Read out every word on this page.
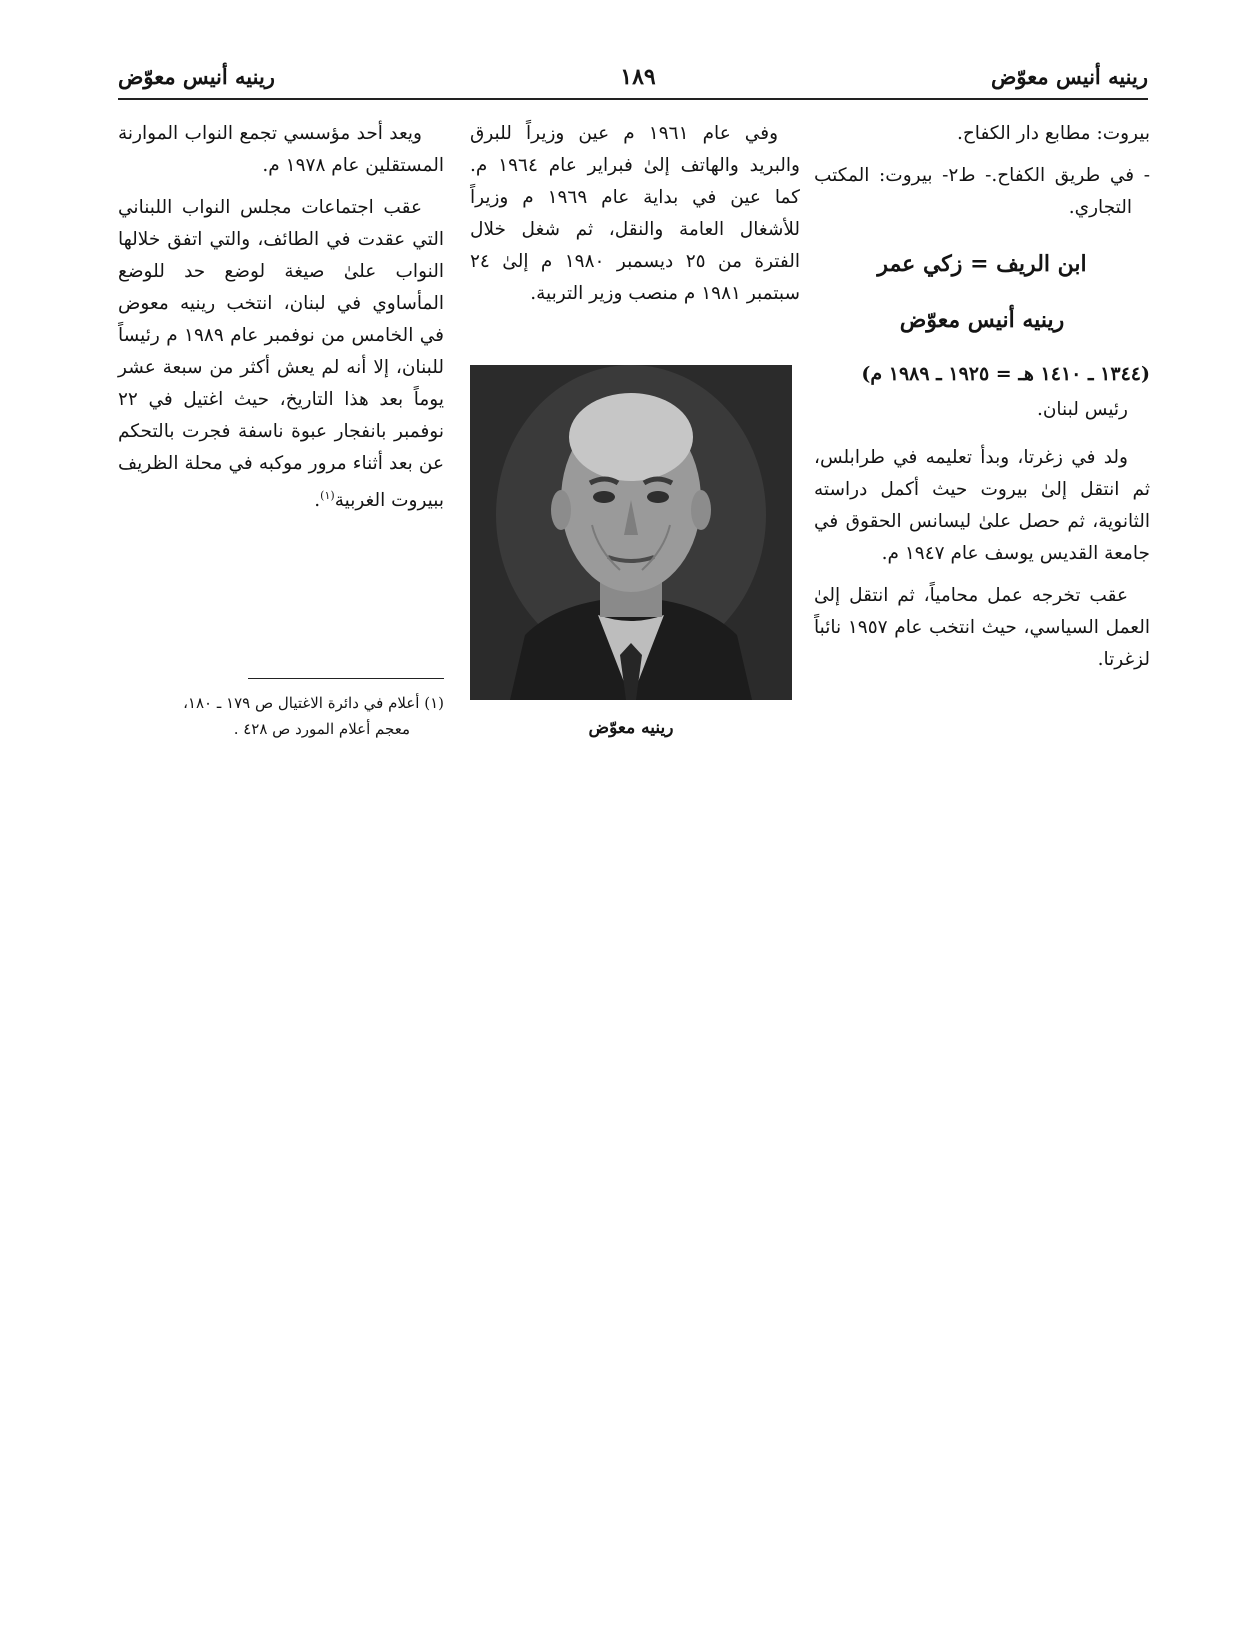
رينيه أنيس معوّض
١٨٩
رينيه أنيس معوّض

بيروت: مطابع دار الكفاح.

- في طريق الكفاح.- ط٢- بيروت: المكتب التجاري.

ابن الريف = زكي عمر
رينيه أنيس معوّض
(١٣٤٤ ـ ١٤١٠ هـ = ١٩٢٥ ـ ١٩٨٩ م)

رئيس لبنان.

ولد في زغرتا، وبدأ تعليمه في طرابلس، ثم انتقل إلىٰ بيروت حيث أكمل دراسته الثانوية، ثم حصل علىٰ ليسانس الحقوق في جامعة القديس يوسف عام ١٩٤٧ م.

عقب تخرجه عمل محامياً، ثم انتقل إلىٰ العمل السياسي، حيث انتخب عام ١٩٥٧ نائباً لزغرتا.

وفي عام ١٩٦١ م عين وزيراً للبرق والبريد والهاتف إلىٰ فبراير عام ١٩٦٤ م. كما عين في بداية عام ١٩٦٩ م وزيراً للأشغال العامة والنقل، ثم شغل خلال الفترة من ٢٥ ديسمبر ١٩٨٠ م إلىٰ ٢٤ سبتمبر ١٩٨١ م منصب وزير التربية.

رينيه معوّض

ويعد أحد مؤسسي تجمع النواب الموارنة المستقلين عام ١٩٧٨ م.

عقب اجتماعات مجلس النواب اللبناني التي عقدت في الطائف، والتي اتفق خلالها النواب علىٰ صيغة لوضع حد للوضع المأساوي في لبنان، انتخب رينيه معوض في الخامس من نوفمبر عام ١٩٨٩ م رئيساً للبنان، إلا أنه لم يعش أكثر من سبعة عشر يوماً بعد هذا التاريخ، حيث اغتيل في ٢٢ نوفمبر بانفجار عبوة ناسفة فجرت بالتحكم عن بعد أثناء مرور موكبه في محلة الظريف ببيروت الغربية$^{(١)}$.

(١) أعلام في دائرة الاغتيال ص ١٧٩ ـ ١٨٠،
معجم أعلام المورد ص ٤٢٨ .
